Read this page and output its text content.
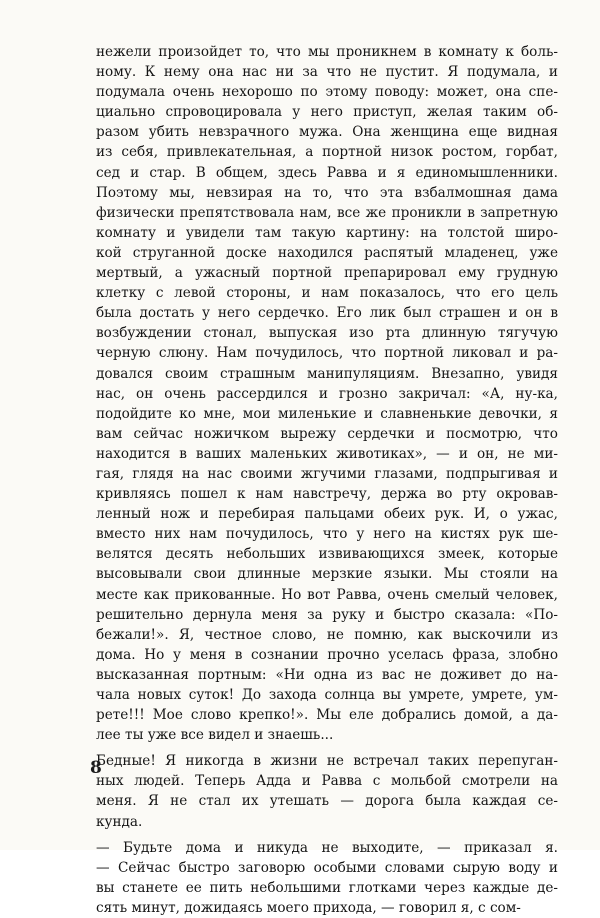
нежели произойдет то, что мы проникнем в комнату к боль-
ному. К нему она нас ни за что не пустит. Я подумала, и
подумала очень нехорошо по этому поводу: может, она спе-
циально спровоцировала у него приступ, желая таким об-
разом убить невзрачного мужа. Она женщина еще видная
из себя, привлекательная, а портной низок ростом, горбат,
сед и стар. В общем, здесь Равва и я единомышленники.
Поэтому мы, невзирая на то, что эта взбалмошная дама
физически препятствовала нам, все же проникли в запретную
комнату и увидели там такую картину: на толстой широ-
кой струганной доске находился распятый младенец, уже
мертвый, а ужасный портной препарировал ему грудную
клетку с левой стороны, и нам показалось, что его цель
была достать у него сердечко. Его лик был страшен и он в
возбуждении стонал, выпуская изо рта длинную тягучую
черную слюну. Нам почудилось, что портной ликовал и ра-
довался своим страшным манипуляциям. Внезапно, увидя
нас, он очень рассердился и грозно закричал: «А, ну-ка,
подойдите ко мне, мои миленькие и славненькие девочки, я
вам сейчас ножичком вырежу сердечки и посмотрю, что
находится в ваших маленьких животиках», — и он, не ми-
гая, глядя на нас своими жгучими глазами, подпрыгивая и
кривляясь пошел к нам навстречу, держа во рту окровав-
ленный нож и перебирая пальцами обеих рук. И, о ужас,
вместо них нам почудилось, что у него на кистях рук ше-
велятся десять небольших извивающихся змеек, которые
высовывали свои длинные мерзкие языки. Мы стояли на
месте как прикованные. Но вот Равва, очень смелый человек,
решительно дернула меня за руку и быстро сказала: «По-
бежали!». Я, честное слово, не помню, как выскочили из
дома. Но у меня в сознании прочно уселась фраза, злобно
высказанная портным: «Ни одна из вас не доживет до на-
чала новых суток! До захода солнца вы умрете, умрете, ум-
рете!!! Мое слово крепко!». Мы еле добрались домой, а да-
лее ты уже все видел и знаешь...
Бедные! Я никогда в жизни не встречал таких перепуган-
ных людей. Теперь Адда и Равва с мольбой смотрели на
меня. Я не стал их утешать — дорога была каждая се-
кунда.
— Будьте дома и никуда не выходите, — приказал я.
— Сейчас быстро заговорю особыми словами сырую воду и
вы станете ее пить небольшими глотками через каждые де-
сять минут, дожидаясь моего прихода, — говорил я, с сом-
8
